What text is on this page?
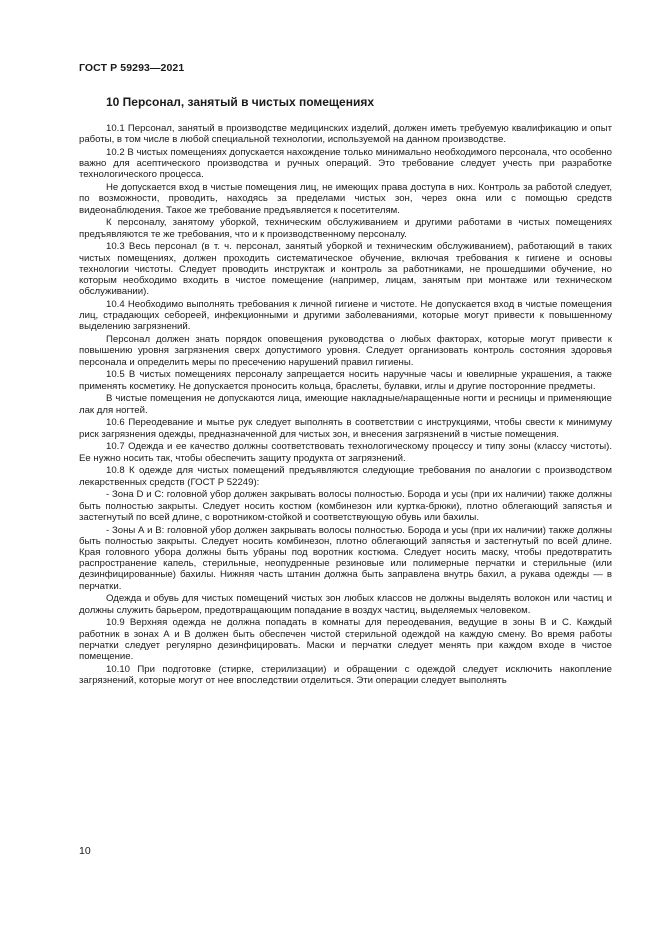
ГОСТ Р 59293—2021
10 Персонал, занятый в чистых помещениях

10.1 Персонал, занятый в производстве медицинских изделий, должен иметь требуемую квалификацию и опыт работы, в том числе в любой специальной технологии, используемой на данном производстве.

10.2 В чистых помещениях допускается нахождение только минимально необходимого персонала, что особенно важно для асептического производства и ручных операций. Это требование следует учесть при разработке технологического процесса.

Не допускается вход в чистые помещения лиц, не имеющих права доступа в них. Контроль за работой следует, по возможности, проводить, находясь за пределами чистых зон, через окна или с помощью средств видеонаблюдения. Такое же требование предъявляется к посетителям.

К персоналу, занятому уборкой, техническим обслуживанием и другими работами в чистых помещениях предъявляются те же требования, что и к производственному персоналу.

10.3 Весь персонал (в т. ч. персонал, занятый уборкой и техническим обслуживанием), работающий в таких чистых помещениях, должен проходить систематическое обучение, включая требования к гигиене и основы технологии чистоты. Следует проводить инструктаж и контроль за работниками, не прошедшими обучение, но которым необходимо входить в чистое помещение (например, лицам, занятым при монтаже или техническом обслуживании).

10.4 Необходимо выполнять требования к личной гигиене и чистоте. Не допускается вход в чистые помещения лиц, страдающих себореей, инфекционными и другими заболеваниями, которые могут привести к повышенному выделению загрязнений.

Персонал должен знать порядок оповещения руководства о любых факторах, которые могут привести к повышению уровня загрязнения сверх допустимого уровня. Следует организовать контроль состояния здоровья персонала и определить меры по пресечению нарушений правил гигиены.

10.5 В чистых помещениях персоналу запрещается носить наручные часы и ювелирные украшения, а также применять косметику. Не допускается проносить кольца, браслеты, булавки, иглы и другие посторонние предметы.

В чистые помещения не допускаются лица, имеющие накладные/наращенные ногти и ресницы и применяющие лак для ногтей.

10.6 Переодевание и мытье рук следует выполнять в соответствии с инструкциями, чтобы свести к минимуму риск загрязнения одежды, предназначенной для чистых зон, и внесения загрязнений в чистые помещения.

10.7 Одежда и ее качество должны соответствовать технологическому процессу и типу зоны (классу чистоты). Ее нужно носить так, чтобы обеспечить защиту продукта от загрязнений.

10.8 К одежде для чистых помещений предъявляются следующие требования по аналогии с производством лекарственных средств (ГОСТ Р 52249):

- Зона D и С: головной убор должен закрывать волосы полностью. Борода и усы (при их наличии) также должны быть полностью закрыты. Следует носить костюм (комбинезон или куртка-брюки), плотно облегающий запястья и застегнутый по всей длине, с воротником-стойкой и соответствующую обувь или бахилы.

- Зоны А и В: головной убор должен закрывать волосы полностью. Борода и усы (при их наличии) также должны быть полностью закрыты. Следует носить комбинезон, плотно облегающий запястья и застегнутый по всей длине. Края головного убора должны быть убраны под воротник костюма. Следует носить маску, чтобы предотвратить распространение капель, стерильные, неопудренные резиновые или полимерные перчатки и стерильные (или дезинфицированные) бахилы. Нижняя часть штанин должна быть заправлена внутрь бахил, а рукава одежды — в перчатки.

Одежда и обувь для чистых помещений чистых зон любых классов не должны выделять волокон или частиц и должны служить барьером, предотвращающим попадание в воздух частиц, выделяемых человеком.

10.9 Верхняя одежда не должна попадать в комнаты для переодевания, ведущие в зоны В и С. Каждый работник в зонах А и В должен быть обеспечен чистой стерильной одеждой на каждую смену. Во время работы перчатки следует регулярно дезинфицировать. Маски и перчатки следует менять при каждом входе в чистое помещение.

10.10 При подготовке (стирке, стерилизации) и обращении с одеждой следует исключить накопление загрязнений, которые могут от нее впоследствии отделиться. Эти операции следует выполнять

10
